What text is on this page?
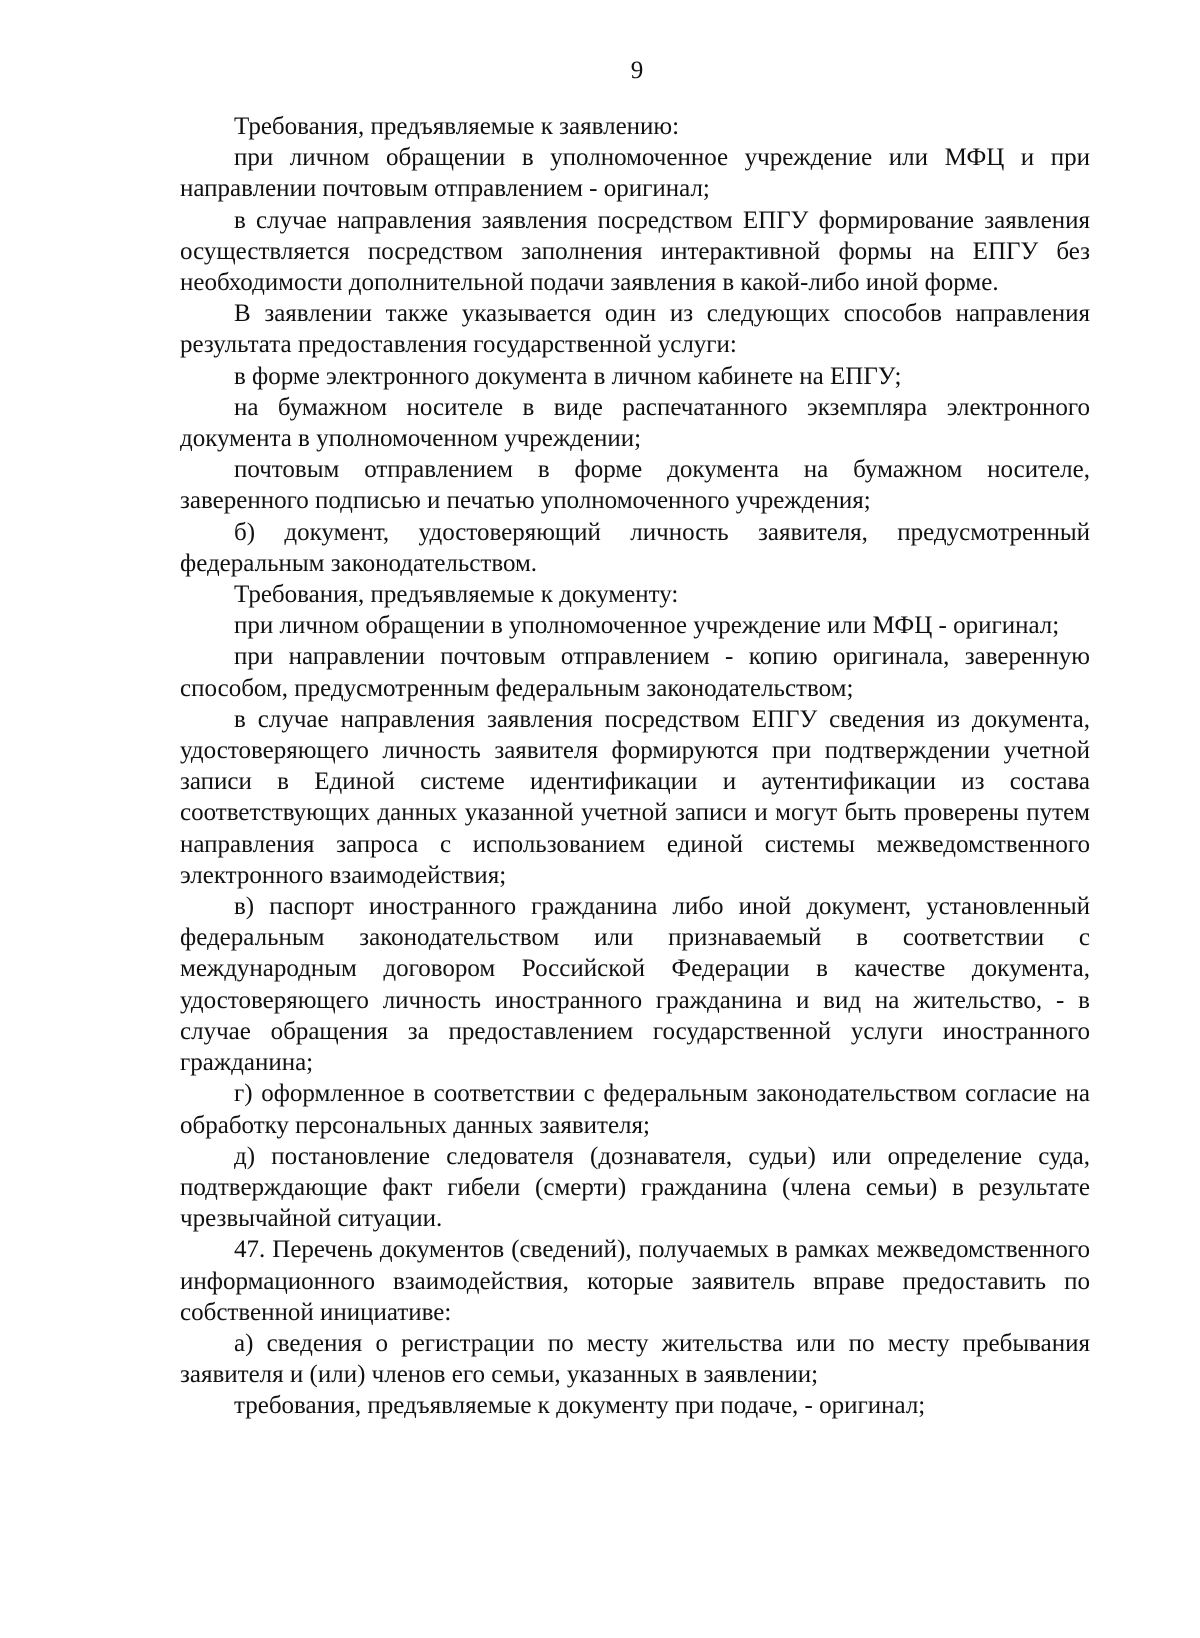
9

Требования, предъявляемые к заявлению:

при личном обращении в уполномоченное учреждение или МФЦ и при направлении почтовым отправлением - оригинал;

в случае направления заявления посредством ЕПГУ формирование заявления осуществляется посредством заполнения интерактивной формы на ЕПГУ без необходимости дополнительной подачи заявления в какой-либо иной форме.

В заявлении также указывается один из следующих способов направления результата предоставления государственной услуги:

в форме электронного документа в личном кабинете на ЕПГУ;

на бумажном носителе в виде распечатанного экземпляра электронного документа в уполномоченном учреждении;

почтовым отправлением в форме документа на бумажном носителе, заверенного подписью и печатью уполномоченного учреждения;

б) документ, удостоверяющий личность заявителя, предусмотренный федеральным законодательством.

Требования, предъявляемые к документу:

при личном обращении в уполномоченное учреждение или МФЦ - оригинал;

при направлении почтовым отправлением - копию оригинала, заверенную способом, предусмотренным федеральным законодательством;

в случае направления заявления посредством ЕПГУ сведения из документа, удостоверяющего личность заявителя формируются при подтверждении учетной записи в Единой системе идентификации и аутентификации из состава соответствующих данных указанной учетной записи и могут быть проверены путем направления запроса с использованием единой системы межведомственного электронного взаимодействия;

в) паспорт иностранного гражданина либо иной документ, установленный федеральным законодательством или признаваемый в соответствии с международным договором Российской Федерации в качестве документа, удостоверяющего личность иностранного гражданина и вид на жительство, - в случае обращения за предоставлением государственной услуги иностранного гражданина;

г) оформленное в соответствии с федеральным законодательством согласие на обработку персональных данных заявителя;

д) постановление следователя (дознавателя, судьи) или определение суда, подтверждающие факт гибели (смерти) гражданина (члена семьи) в результате чрезвычайной ситуации.

47. Перечень документов (сведений), получаемых в рамках межведомственного информационного взаимодействия, которые заявитель вправе предоставить по собственной инициативе:

а) сведения о регистрации по месту жительства или по месту пребывания заявителя и (или) членов его семьи, указанных в заявлении;

требования, предъявляемые к документу при подаче, - оригинал;
